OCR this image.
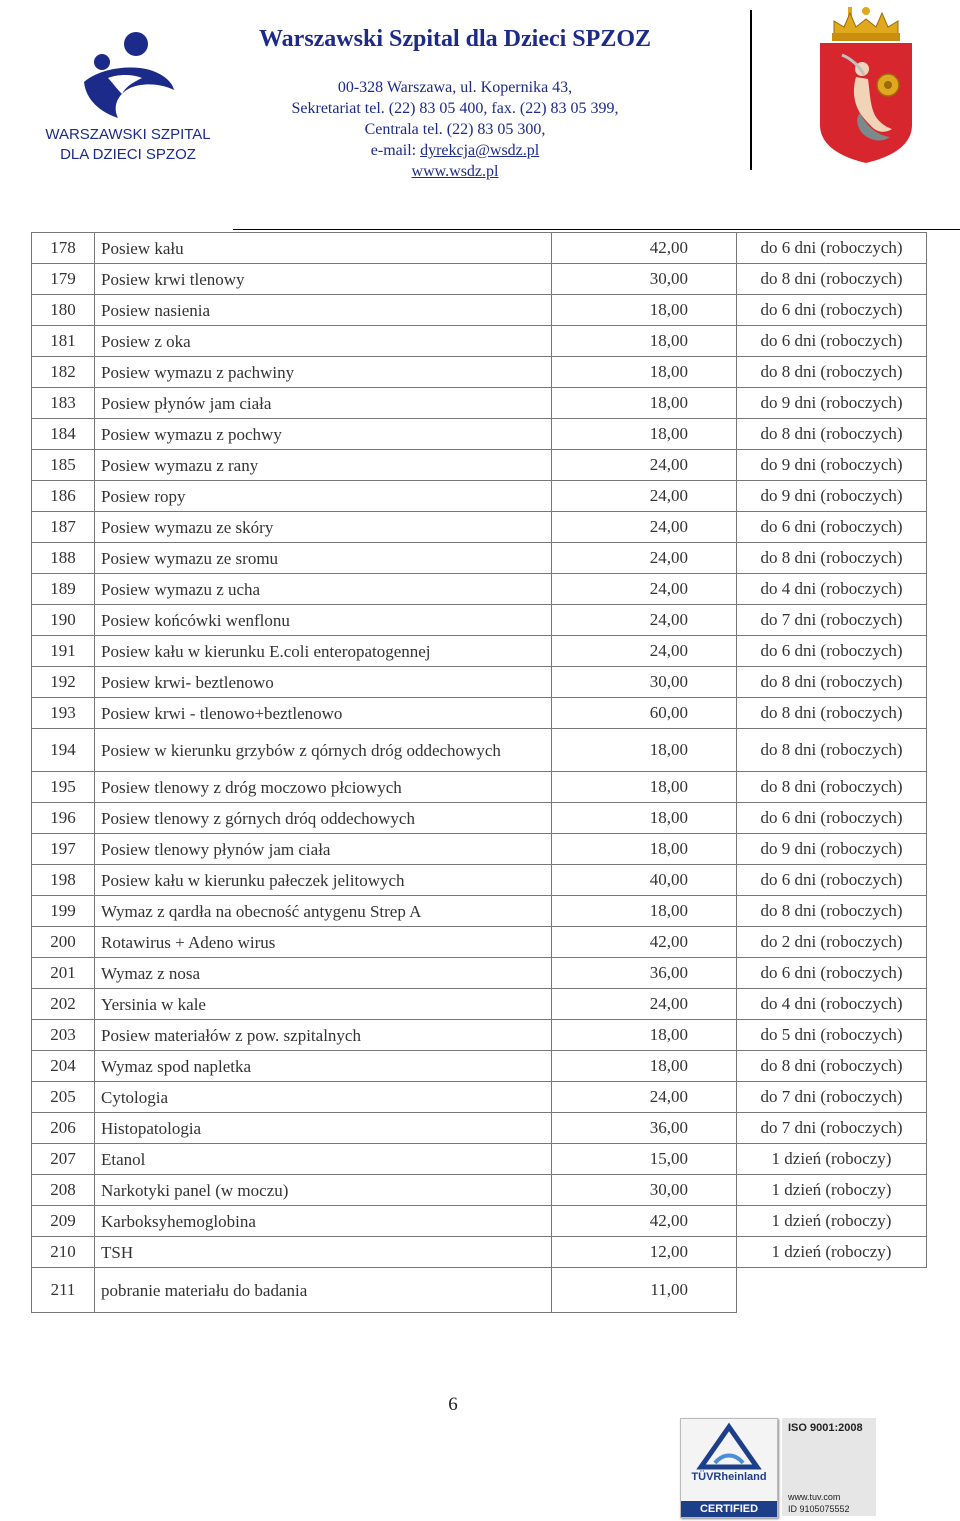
WARSZAWSKI SZPITAL
DLA DZIECI SPZOZ
Warszawski Szpital dla Dzieci SPZOZ
00-328 Warszawa, ul. Kopernika 43,
Sekretariat tel. (22) 83 05 400, fax. (22) 83 05 399,
Centrala tel. (22) 83 05 300,
e-mail: dyrekcja@wsdz.pl
www.wsdz.pl
178	Posiew kału	42,00	do 6 dni (roboczych)
179	Posiew krwi tlenowy	30,00	do 8 dni (roboczych)
180	Posiew nasienia	18,00	do 6 dni (roboczych)
181	Posiew z oka	18,00	do 6 dni (roboczych)
182	Posiew wymazu z pachwiny	18,00	do 8 dni (roboczych)
183	Posiew płynów jam ciała	18,00	do 9 dni (roboczych)
184	Posiew wymazu z pochwy	18,00	do 8 dni (roboczych)
185	Posiew wymazu z rany	24,00	do 9 dni (roboczych)
186	Posiew ropy	24,00	do 9 dni (roboczych)
187	Posiew wymazu ze skóry	24,00	do 6 dni (roboczych)
188	Posiew wymazu ze sromu	24,00	do 8 dni (roboczych)
189	Posiew wymazu z ucha	24,00	do 4 dni (roboczych)
190	Posiew końcówki wenflonu	24,00	do 7 dni (roboczych)
191	Posiew kału w kierunku E.coli enteropatogennej	24,00	do 6 dni (roboczych)
192	Posiew krwi- beztlenowo	30,00	do 8 dni (roboczych)
193	Posiew krwi - tlenowo+beztlenowo	60,00	do 8 dni (roboczych)
194	Posiew w kierunku grzybów z qórnych dróg oddechowych	18,00	do 8 dni (roboczych)
195	Posiew tlenowy z dróg moczowo płciowych	18,00	do 8 dni (roboczych)
196	Posiew tlenowy z górnych dróq oddechowych	18,00	do 6 dni (roboczych)
197	Posiew tlenowy płynów jam ciała	18,00	do 9 dni (roboczych)
198	Posiew kału w kierunku pałeczek jelitowych	40,00	do 6 dni (roboczych)
199	Wymaz z qardła na obecność antygenu Strep A	18,00	do 8 dni (roboczych)
200	Rotawirus + Adeno wirus	42,00	do 2 dni (roboczych)
201	Wymaz z nosa	36,00	do 6 dni (roboczych)
202	Yersinia w kale	24,00	do 4 dni (roboczych)
203	Posiew materiałów z pow. szpitalnych	18,00	do 5 dni (roboczych)
204	Wymaz spod napletka	18,00	do 8 dni (roboczych)
205	Cytologia	24,00	do 7 dni (roboczych)
206	Histopatologia	36,00	do 7 dni (roboczych)
207	Etanol	15,00	1 dzień (roboczy)
208	Narkotyki panel (w moczu)	30,00	1 dzień (roboczy)
209	Karboksyhemoglobina	42,00	1 dzień (roboczy)
210	TSH	12,00	1 dzień (roboczy)
211	pobranie materiału do badania	11,00	
6
TÜVRheinland
CERTIFIED
ISO 9001:2008
www.tuv.com
ID 9105075552
